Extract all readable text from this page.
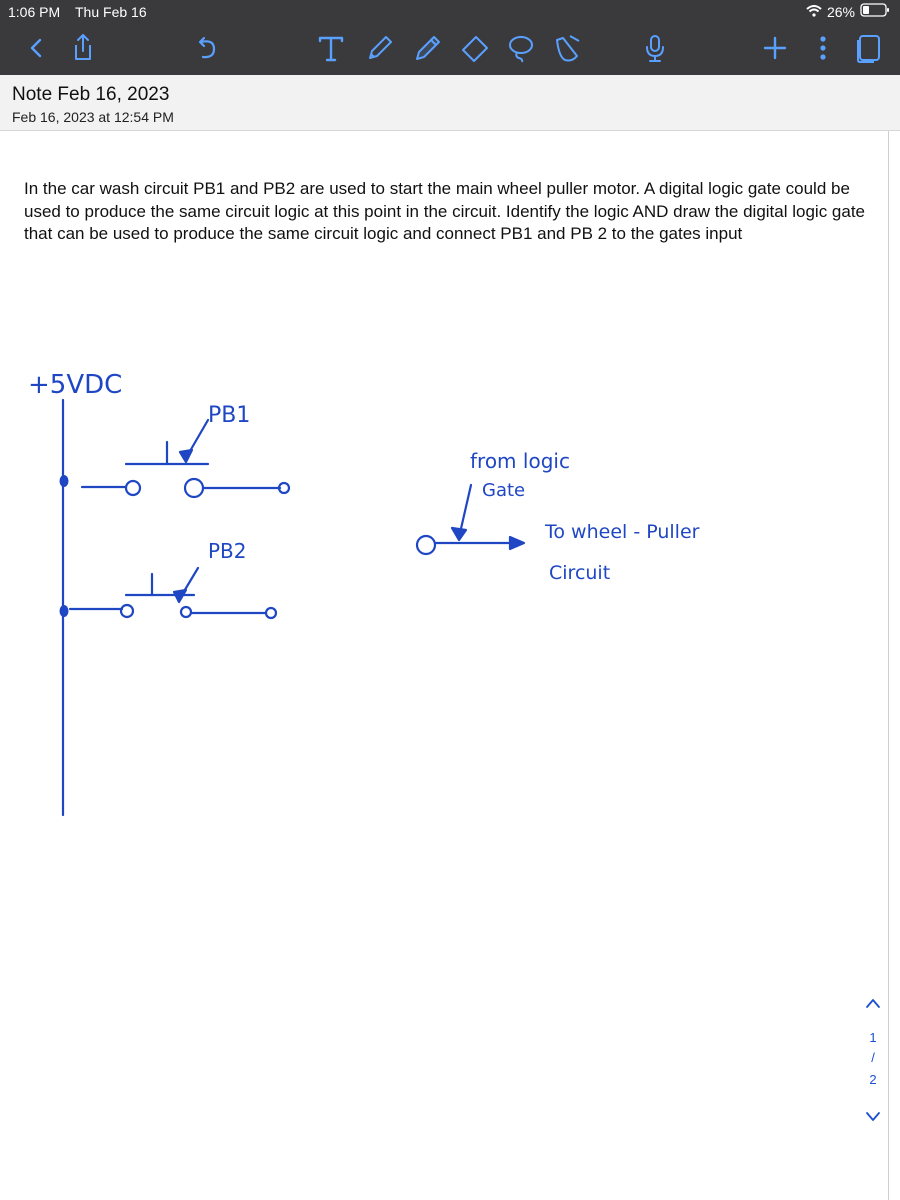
1:06 PM Thu Feb 16	26%
Note Feb 16, 2023
Feb 16, 2023 at 12:54 PM
In the car wash circuit PB1 and PB2 are used to start the main wheel puller motor. A digital logic gate could be used to produce the same circuit logic at this point in the circuit. Identify the logic AND draw the digital logic gate that can be used to produce the same circuit logic and connect PB1 and PB 2 to the gates input
+5VDC
PB1
PB2
from logic
Gate
To wheel - Puller
Circuit
1
/
2
